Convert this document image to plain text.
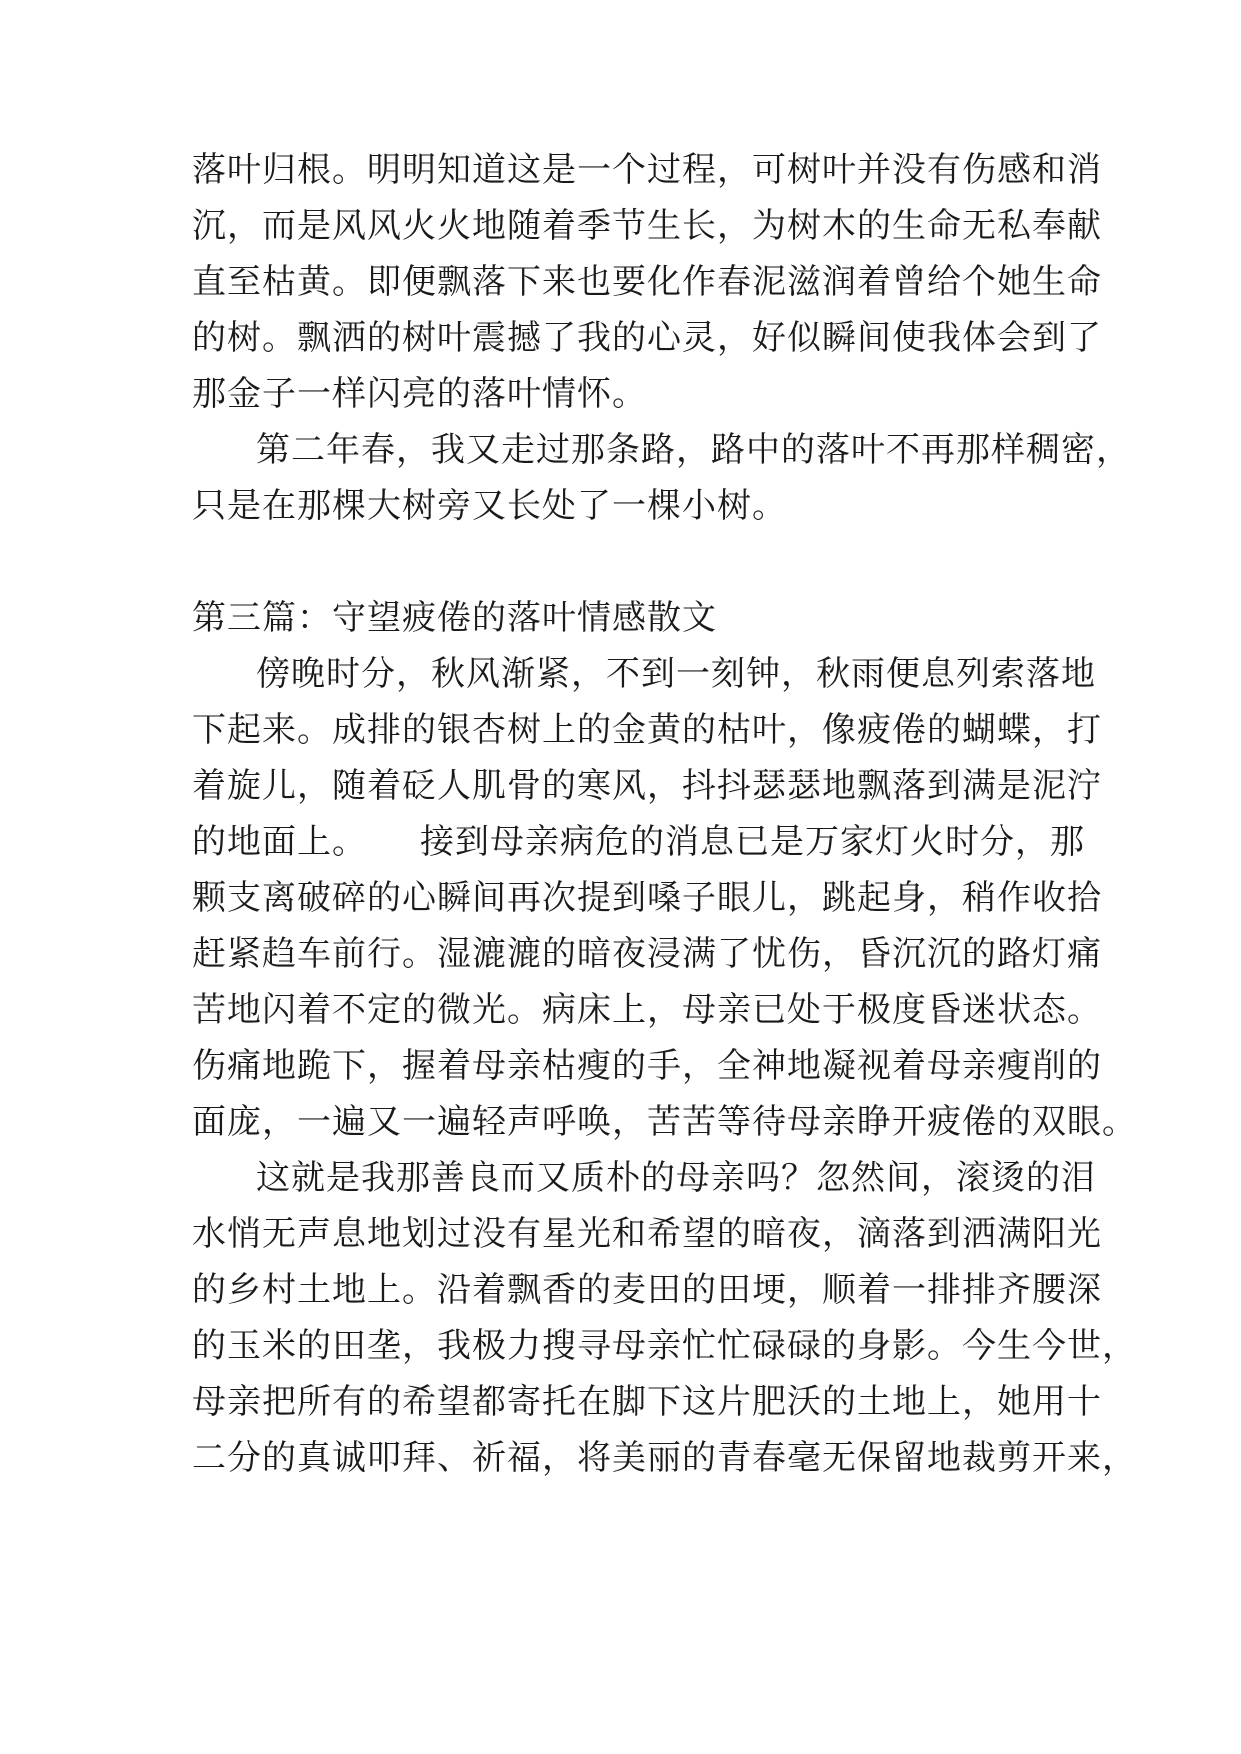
落叶归根。明明知道这是一个过程，可树叶并没有伤感和消
沉，而是风风火火地随着季节生长，为树木的生命无私奉献
直至枯黄。即便飘落下来也要化作春泥滋润着曾给个她生命
的树。飘洒的树叶震撼了我的心灵，好似瞬间使我体会到了
那金子一样闪亮的落叶情怀。
第二年春，我又走过那条路，路中的落叶不再那样稠密，
只是在那棵大树旁又长处了一棵小树。
第三篇：守望疲倦的落叶情感散文
傍晚时分，秋风渐紧，不到一刻钟，秋雨便息列索落地
下起来。成排的银杏树上的金黄的枯叶，像疲倦的蝴蝶，打
着旋儿，随着砭人肌骨的寒风，抖抖瑟瑟地飘落到满是泥泞
的地面上。　　接到母亲病危的消息已是万家灯火时分，那
颗支离破碎的心瞬间再次提到嗓子眼儿，跳起身，稍作收拾
赶紧趋车前行。湿漉漉的暗夜浸满了忧伤，昏沉沉的路灯痛
苦地闪着不定的微光。病床上，母亲已处于极度昏迷状态。
伤痛地跪下，握着母亲枯瘦的手，全神地凝视着母亲瘦削的
面庞，一遍又一遍轻声呼唤，苦苦等待母亲睁开疲倦的双眼。
这就是我那善良而又质朴的母亲吗？忽然间，滚烫的泪
水悄无声息地划过没有星光和希望的暗夜，滴落到洒满阳光
的乡村土地上。沿着飘香的麦田的田埂，顺着一排排齐腰深
的玉米的田垄，我极力搜寻母亲忙忙碌碌的身影。今生今世，
母亲把所有的希望都寄托在脚下这片肥沃的土地上，她用十
二分的真诚叩拜、祈福，将美丽的青春毫无保留地裁剪开来，
